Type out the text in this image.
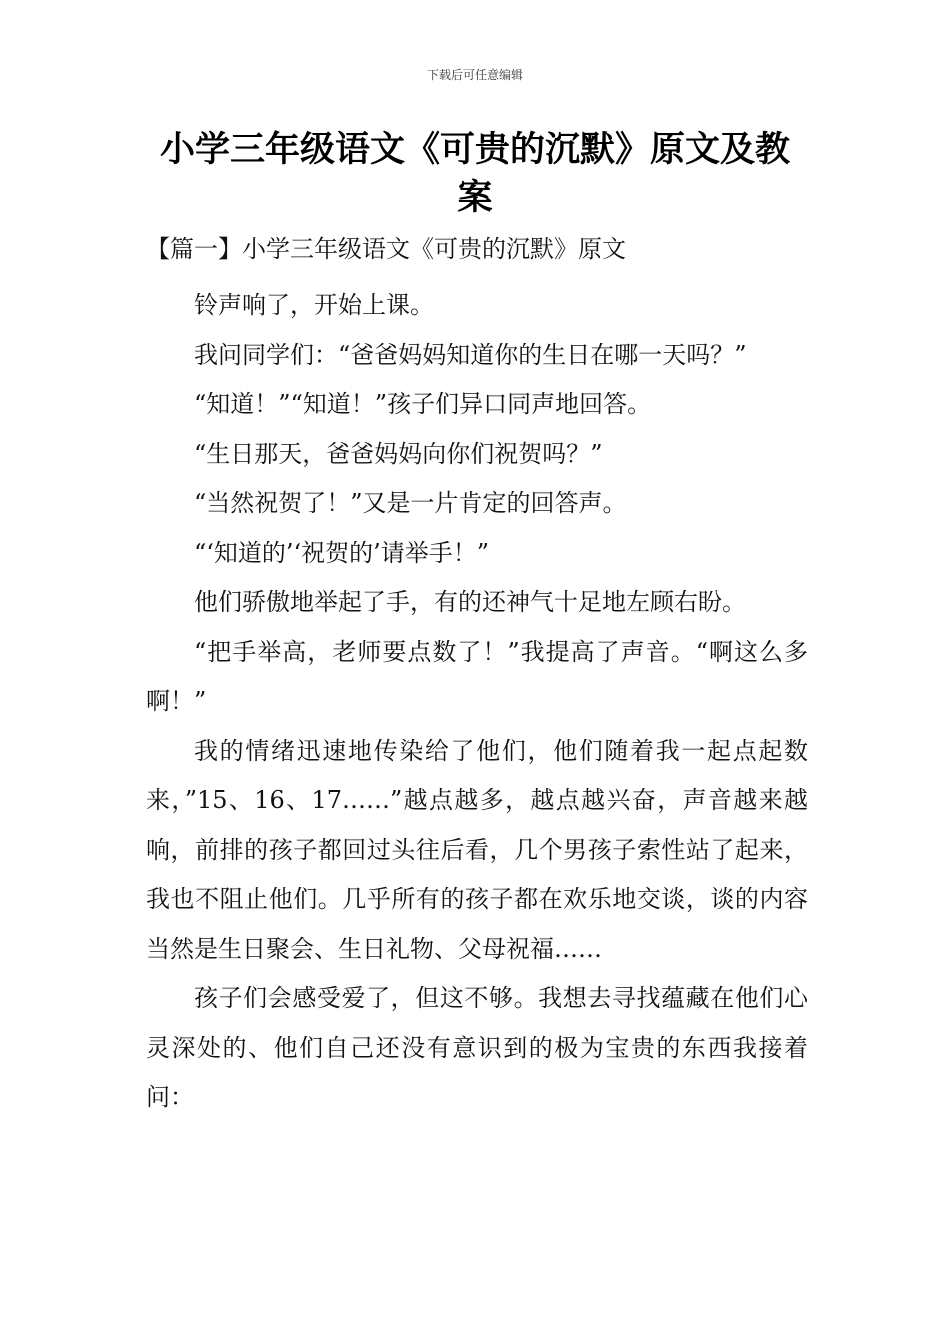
下载后可任意编辑
小学三年级语文《可贵的沉默》原文及教案
【篇一】小学三年级语文《可贵的沉默》原文

铃声响了，开始上课。

我问同学们：“爸爸妈妈知道你的生日在哪一天吗？”

“知道！”“知道！”孩子们异口同声地回答。

“生日那天，爸爸妈妈向你们祝贺吗？”

“当然祝贺了！”又是一片肯定的回答声。

“‘知道的’‘祝贺的’请举手！”

他们骄傲地举起了手，有的还神气十足地左顾右盼。

“把手举高，老师要点数了！”我提高了声音。“啊这么多啊！”

我的情绪迅速地传染给了他们，他们随着我一起点起数来，”15、16、17……”越点越多，越点越兴奋，声音越来越响，前排的孩子都回过头往后看，几个男孩子索性站了起来，我也不阻止他们。几乎所有的孩子都在欢乐地交谈，谈的内容当然是生日聚会、生日礼物、父母祝福……

孩子们会感受爱了，但这不够。我想去寻找蕴藏在他们心灵深处的、他们自己还没有意识到的极为宝贵的东西我接着问：
